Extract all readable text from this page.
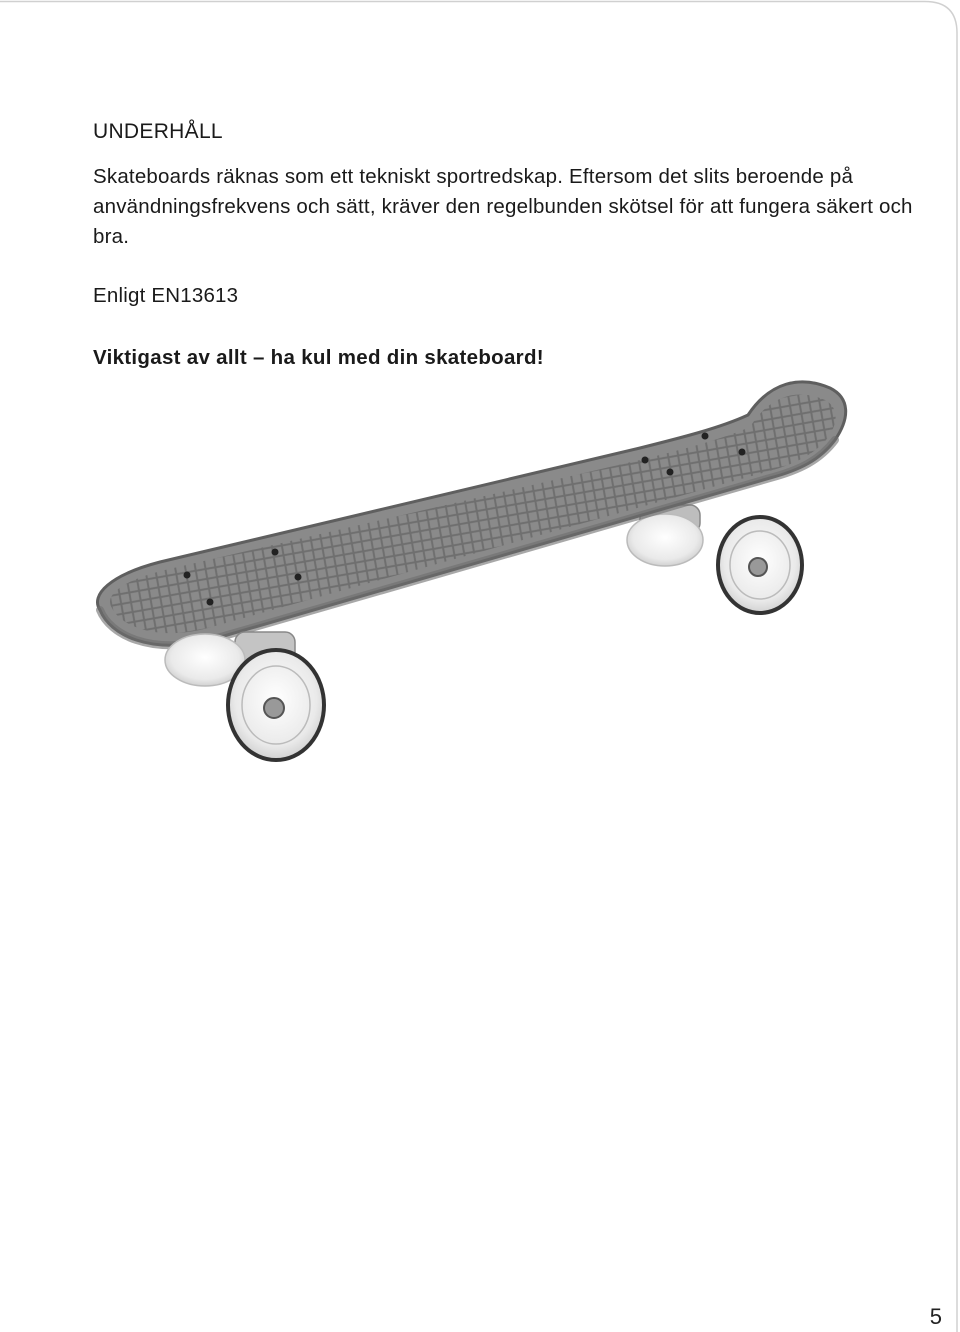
UNDERHÅLL

Skateboards räknas som ett tekniskt sportredskap. Eftersom det slits beroende på användningsfrekvens och sätt, kräver den regelbunden skötsel för att fungera säkert och bra.

Enligt EN13613

Viktigast av allt – ha kul med din skateboard!

5
